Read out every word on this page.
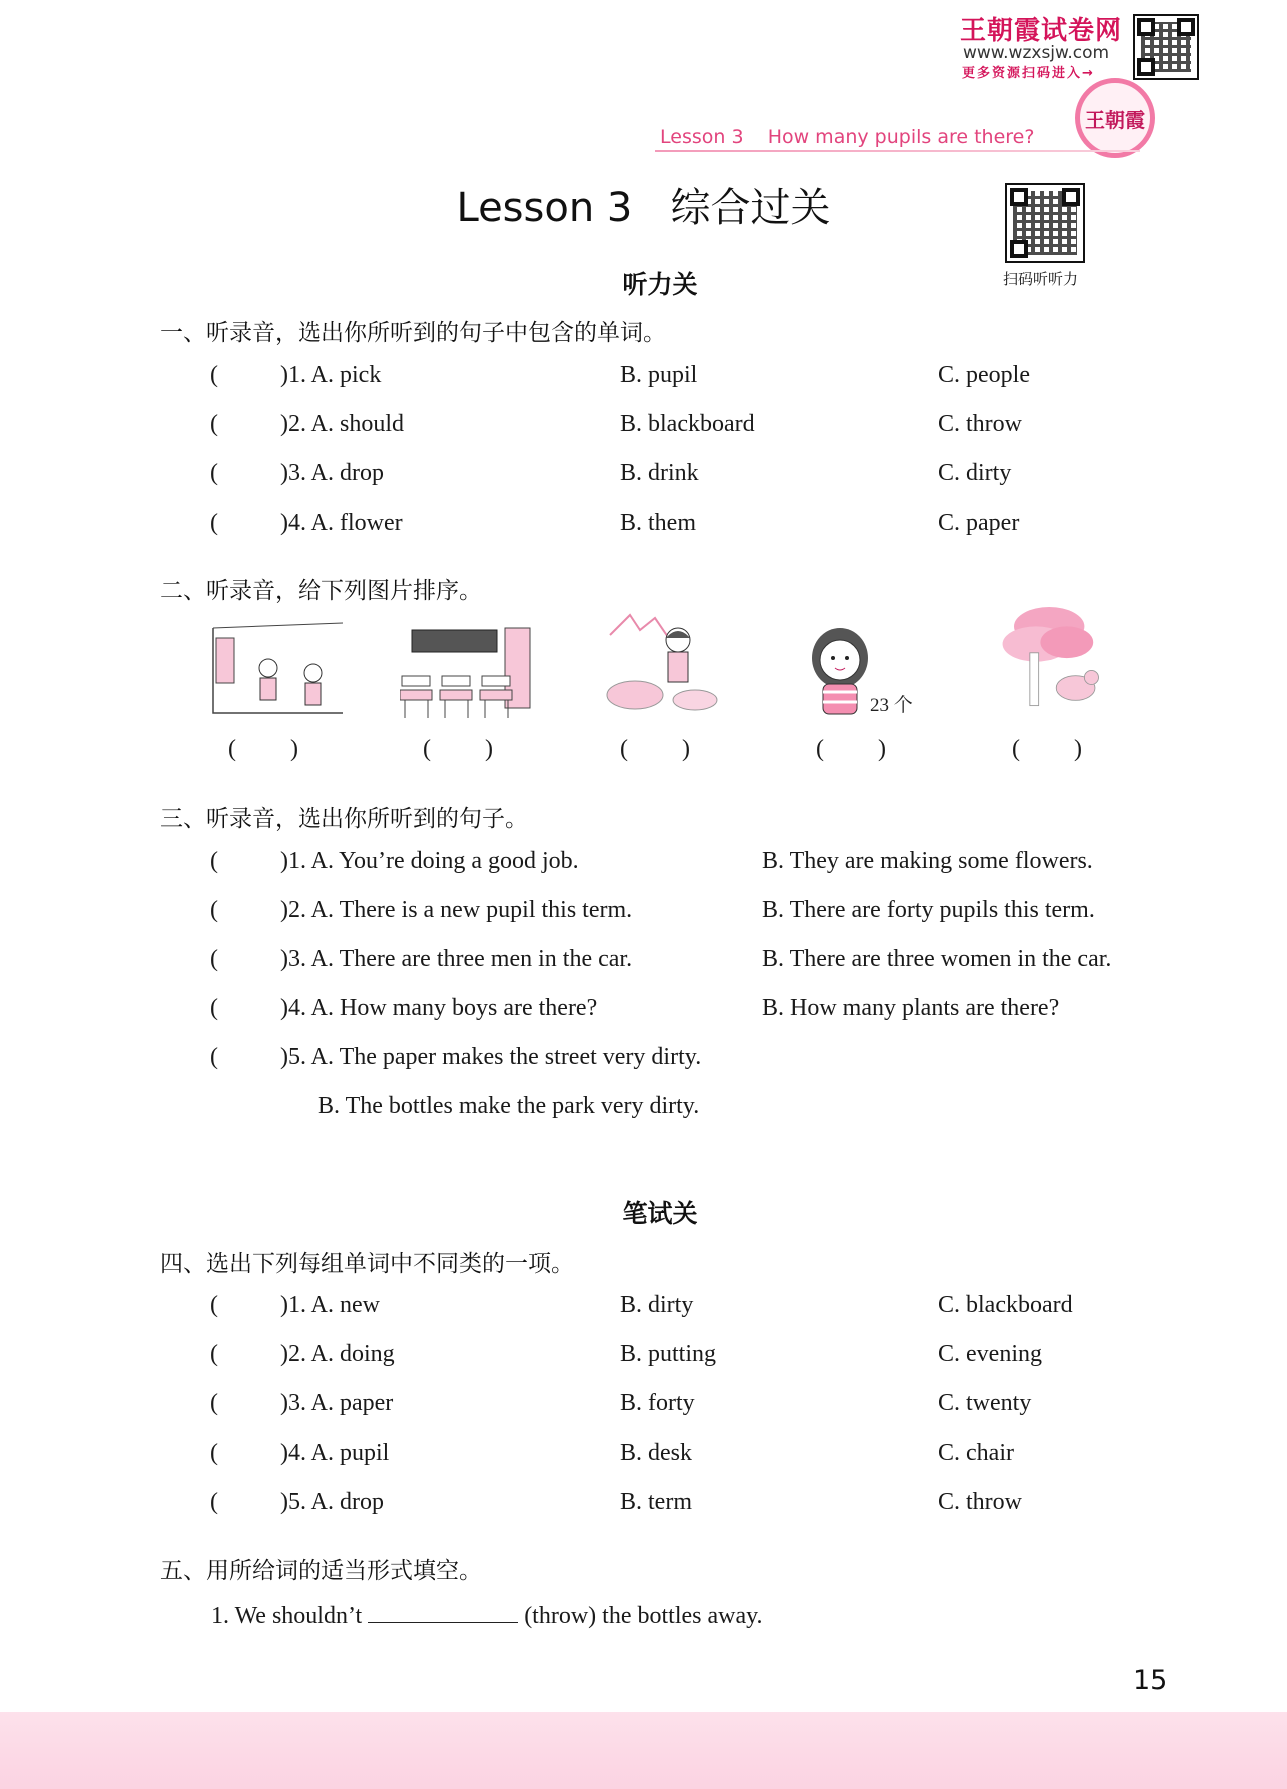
王朝霞试卷网
www.wzxsjw.com
更多资源扫码进入→
王朝霞
Lesson 3    How many pupils are there?
Lesson 3   综合过关
扫码听听力
听力关
一、听录音，选出你所听到的句子中包含的单词。
(	)1. A. pick	B. pupil	C. people
(	)2. A. should	B. blackboard	C. throw
(	)3. A. drop	B. drink	C. dirty
(	)4. A. flower	B. them	C. paper
二、听录音，给下列图片排序。
23 个
(         )	(         )	(         )	(         )	(         )
三、听录音，选出你所听到的句子。
(	)1. A. You’re doing a good job.	B. They are making some flowers.
(	)2. A. There is a new pupil this term.	B. There are forty pupils this term.
(	)3. A. There are three men in the car.	B. There are three women in the car.
(	)4. A. How many boys are there?	B. How many plants are there?
(	)5. A. The paper makes the street very dirty.
B. The bottles make the park very dirty.
笔试关
四、选出下列每组单词中不同类的一项。
(	)1. A. new	B. dirty	C. blackboard
(	)2. A. doing	B. putting	C. evening
(	)3. A. paper	B. forty	C. twenty
(	)4. A. pupil	B. desk	C. chair
(	)5. A. drop	B. term	C. throw
五、用所给词的适当形式填空。
1. We shouldn’t	(throw) the bottles away.
15
